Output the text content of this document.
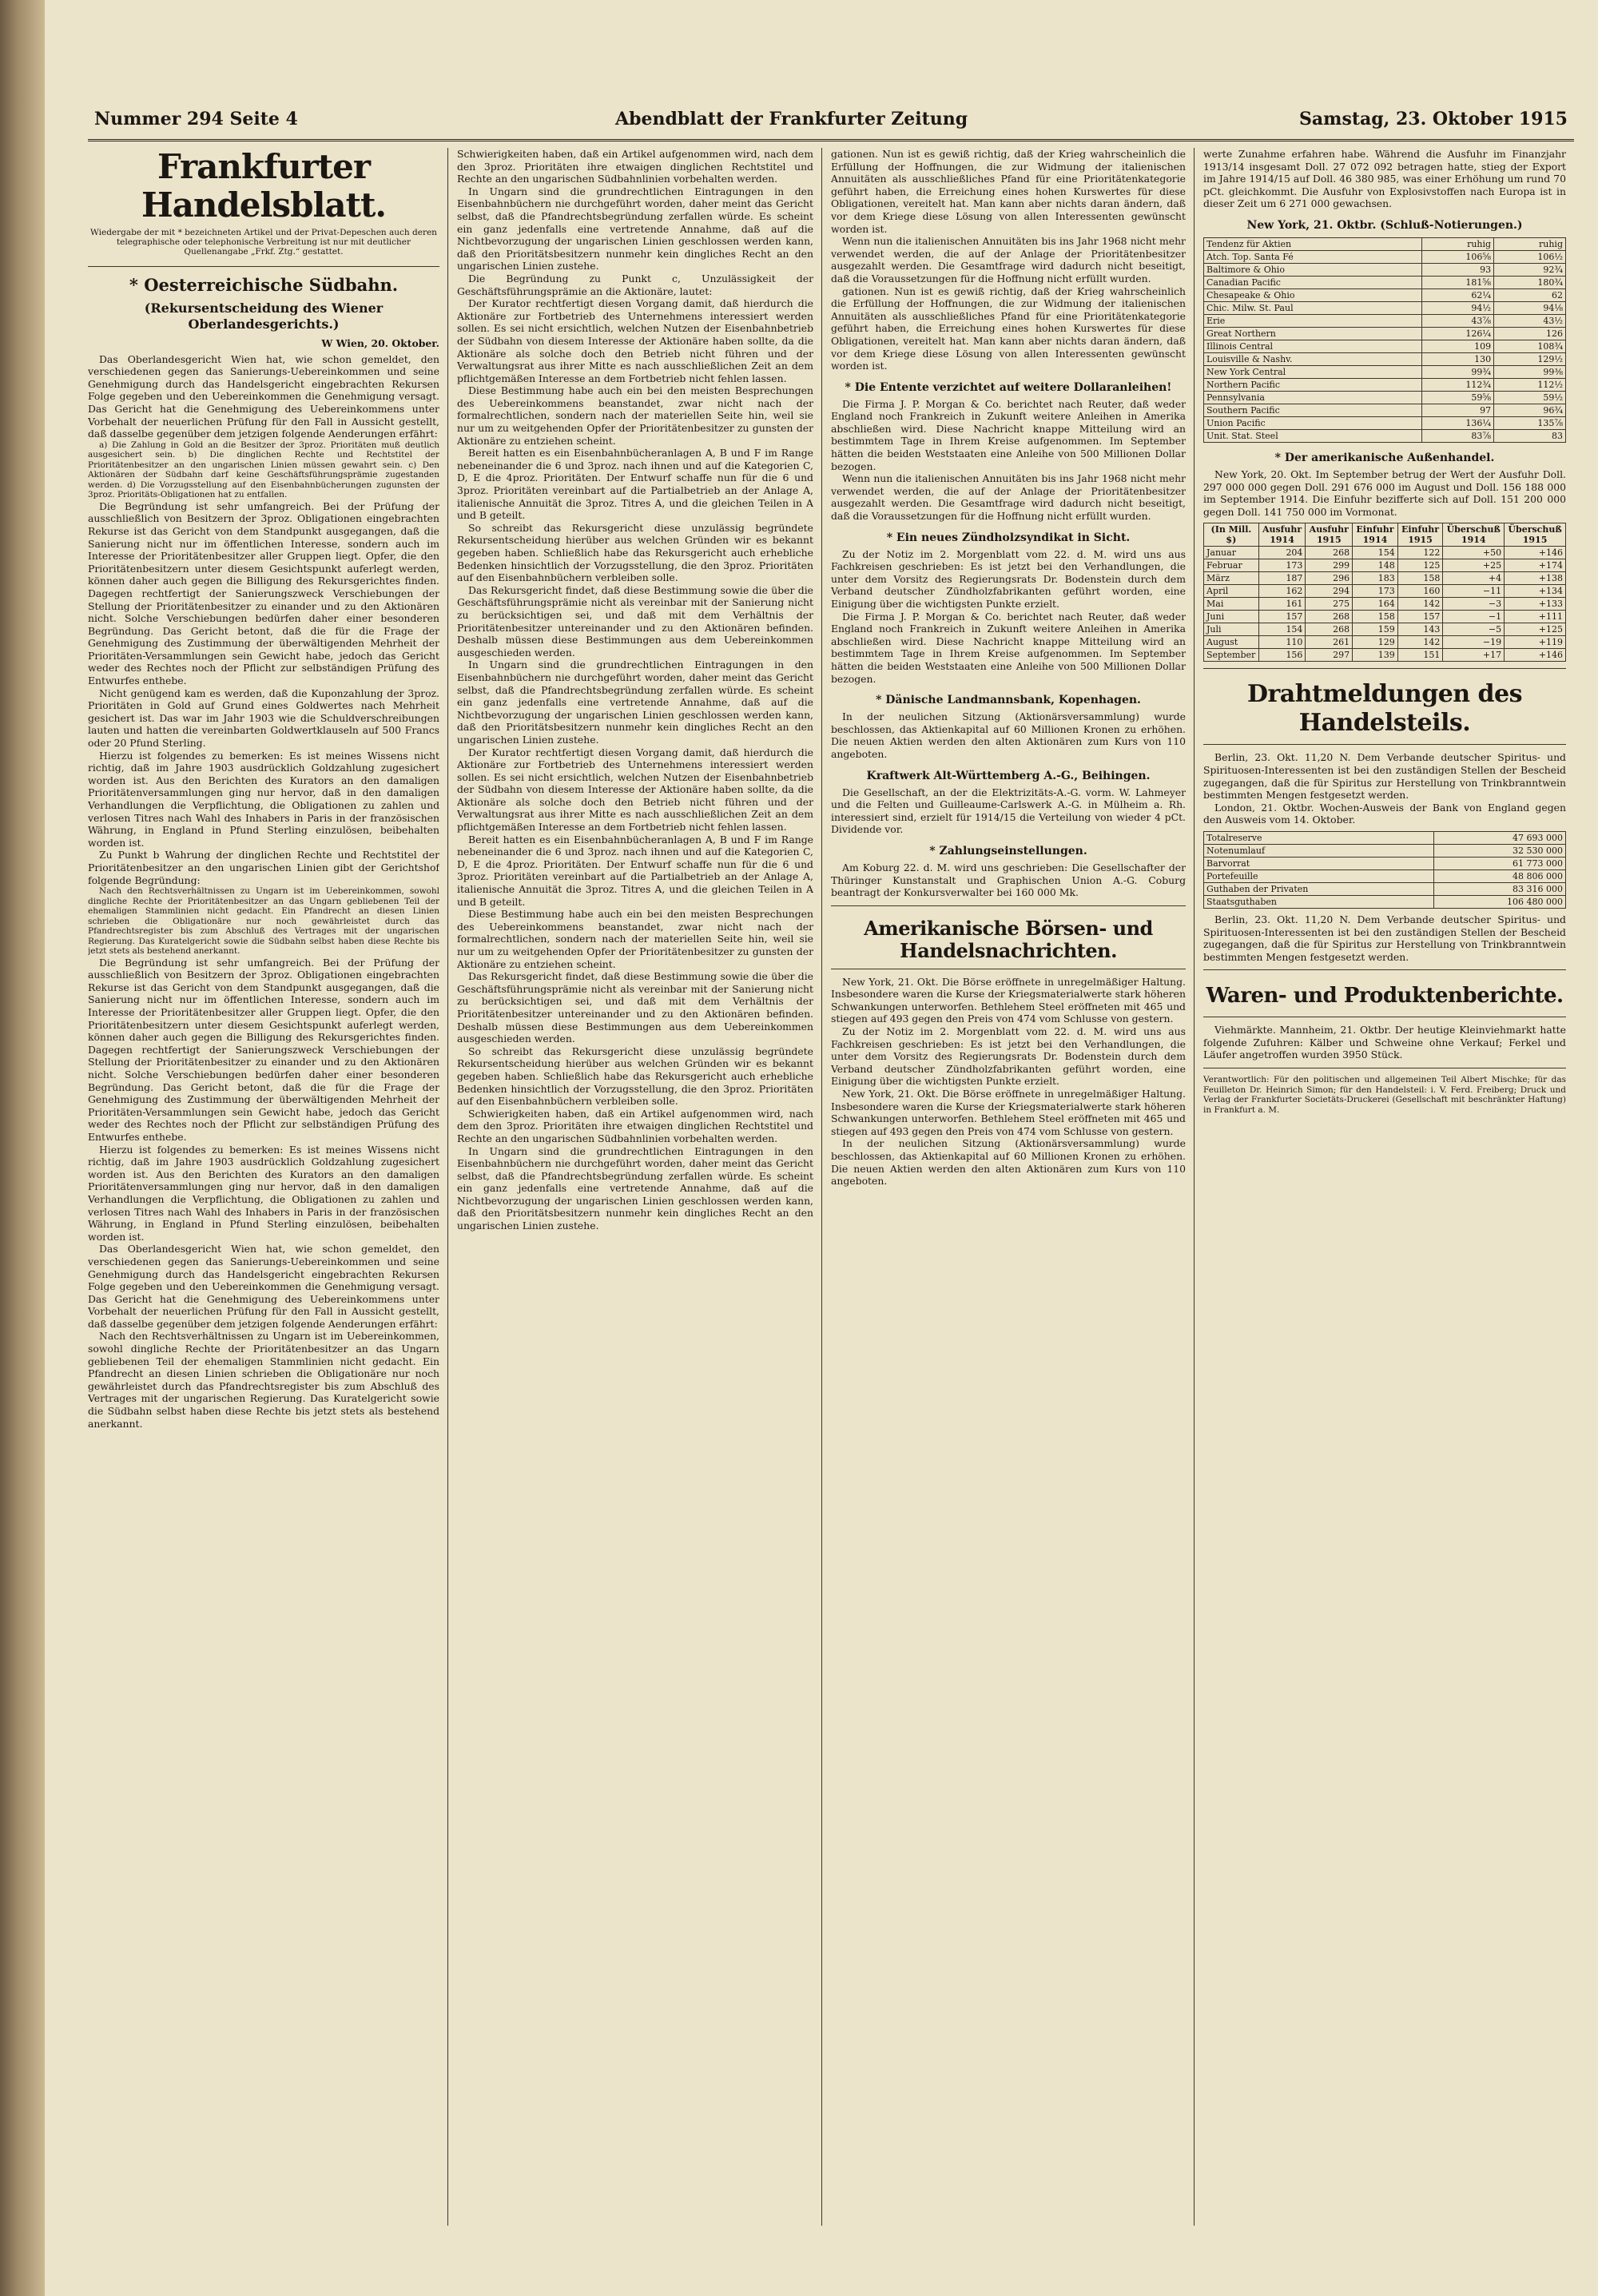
Nummer 294 Seite 4	Abendblatt der Frankfurter Zeitung	Samstag, 23. Oktober 1915
Frankfurter Handelsblatt.
Wiedergabe der mit * bezeichneten Artikel und der Privat-Depeschen auch deren telegraphische oder telephonische Verbreitung ist nur mit deutlicher Quellenangabe „Frkf. Ztg.“ gestattet.
* Oesterreichische Südbahn.
(Rekursentscheidung des Wiener Oberlandesgerichts.)
W Wien, 20. Oktober.

Das Oberlandesgericht Wien hat, wie schon gemeldet, den verschiedenen gegen das Sanierungs-Uebereinkommen und seine Genehmigung durch das Handelsgericht eingebrachten Rekursen Folge gegeben und den Uebereinkommen die Genehmigung versagt. Das Gericht hat die Genehmigung des Uebereinkommens unter Vorbehalt der neuerlichen Prüfung für den Fall in Aussicht gestellt, daß dasselbe gegenüber dem jetzigen folgende Aenderungen erfährt:

a) Die Zahlung in Gold an die Besitzer der 3proz. Prioritäten muß deutlich ausgesichert sein. b) Die dinglichen Rechte und Rechtstitel der Prioritätenbesitzer an den ungarischen Linien müssen gewahrt sein. c) Den Aktionären der Südbahn darf keine Geschäftsführungsprämie zugestanden werden. d) Die Vorzugsstellung auf den Eisenbahnbücherungen zugunsten der 3proz. Prioritäts-Obligationen hat zu entfallen.

Die Begründung ist sehr umfangreich. Bei der Prüfung der ausschließlich von Besitzern der 3proz. Obligationen eingebrachten Rekurse ist das Gericht von dem Standpunkt ausgegangen, daß die Sanierung nicht nur im öffentlichen Interesse, sondern auch im Interesse der Prioritätenbesitzer aller Gruppen liegt. Opfer, die den Prioritätenbesitzern unter diesem Gesichtspunkt auferlegt werden, können daher auch gegen die Billigung des Rekursgerichtes finden. Dagegen rechtfertigt der Sanierungszweck Verschiebungen der Stellung der Prioritätenbesitzer zu einander und zu den Aktionären nicht. Solche Verschiebungen bedürfen daher einer besonderen Begründung. Das Gericht betont, daß die für die Frage der Genehmigung des Zustimmung der überwältigenden Mehrheit der Prioritäten-Versammlungen sein Gewicht habe, jedoch das Gericht weder des Rechtes noch der Pflicht zur selbständigen Prüfung des Entwurfes enthebe.

Nicht genügend kam es werden, daß die Kuponzahlung der 3proz. Prioritäten in Gold auf Grund eines Goldwertes nach Mehrheit gesichert ist. Das war im Jahr 1903 wie die Schuldverschreibungen lauten und hatten die vereinbarten Goldwertklauseln auf 500 Francs oder 20 Pfund Sterling.

Hierzu ist folgendes zu bemerken: Es ist meines Wissens nicht richtig, daß im Jahre 1903 ausdrücklich Goldzahlung zugesichert worden ist. Aus den Berichten des Kurators an den damaligen Prioritätenversammlungen ging nur hervor, daß in den damaligen Verhandlungen die Verpflichtung, die Obligationen zu zahlen und verlosen Titres nach Wahl des Inhabers in Paris in der französischen Währung, in England in Pfund Sterling einzulösen, beibehalten worden ist.

Zu Punkt b Wahrung der dinglichen Rechte und Rechtstitel der Prioritätenbesitzer an den ungarischen Linien gibt der Gerichtshof folgende Begründung:

Nach den Rechtsverhältnissen zu Ungarn ist im Uebereinkommen, sowohl dingliche Rechte der Prioritätenbesitzer an das Ungarn gebliebenen Teil der ehemaligen Stammlinien nicht gedacht. Ein Pfandrecht an diesen Linien schrieben die Obligationäre nur noch gewährleistet durch das Pfandrechtsregister bis zum Abschluß des Vertrages mit der ungarischen Regierung. Das Kuratelgericht sowie die Südbahn selbst haben diese Rechte bis jetzt stets als bestehend anerkannt.

Die Begründung ist sehr umfangreich. Bei der Prüfung der ausschließlich von Besitzern der 3proz. Obligationen eingebrachten Rekurse ist das Gericht von dem Standpunkt ausgegangen, daß die Sanierung nicht nur im öffentlichen Interesse, sondern auch im Interesse der Prioritätenbesitzer aller Gruppen liegt. Opfer, die den Prioritätenbesitzern unter diesem Gesichtspunkt auferlegt werden, können daher auch gegen die Billigung des Rekursgerichtes finden. Dagegen rechtfertigt der Sanierungszweck Verschiebungen der Stellung der Prioritätenbesitzer zu einander und zu den Aktionären nicht. Solche Verschiebungen bedürfen daher einer besonderen Begründung. Das Gericht betont, daß die für die Frage der Genehmigung des Zustimmung der überwältigenden Mehrheit der Prioritäten-Versammlungen sein Gewicht habe, jedoch das Gericht weder des Rechtes noch der Pflicht zur selbständigen Prüfung des Entwurfes enthebe.

Hierzu ist folgendes zu bemerken: Es ist meines Wissens nicht richtig, daß im Jahre 1903 ausdrücklich Goldzahlung zugesichert worden ist. Aus den Berichten des Kurators an den damaligen Prioritätenversammlungen ging nur hervor, daß in den damaligen Verhandlungen die Verpflichtung, die Obligationen zu zahlen und verlosen Titres nach Wahl des Inhabers in Paris in der französischen Währung, in England in Pfund Sterling einzulösen, beibehalten worden ist.

Das Oberlandesgericht Wien hat, wie schon gemeldet, den verschiedenen gegen das Sanierungs-Uebereinkommen und seine Genehmigung durch das Handelsgericht eingebrachten Rekursen Folge gegeben und den Uebereinkommen die Genehmigung versagt. Das Gericht hat die Genehmigung des Uebereinkommens unter Vorbehalt der neuerlichen Prüfung für den Fall in Aussicht gestellt, daß dasselbe gegenüber dem jetzigen folgende Aenderungen erfährt:

Nach den Rechtsverhältnissen zu Ungarn ist im Uebereinkommen, sowohl dingliche Rechte der Prioritätenbesitzer an das Ungarn gebliebenen Teil der ehemaligen Stammlinien nicht gedacht. Ein Pfandrecht an diesen Linien schrieben die Obligationäre nur noch gewährleistet durch das Pfandrechtsregister bis zum Abschluß des Vertrages mit der ungarischen Regierung. Das Kuratelgericht sowie die Südbahn selbst haben diese Rechte bis jetzt stets als bestehend anerkannt.

Schwierigkeiten haben, daß ein Artikel aufgenommen wird, nach dem den 3proz. Prioritäten ihre etwaigen dinglichen Rechtstitel und Rechte an den ungarischen Südbahnlinien vorbehalten werden.

In Ungarn sind die grundrechtlichen Eintragungen in den Eisenbahnbüchern nie durchgeführt worden, daher meint das Gericht selbst, daß die Pfandrechtsbegründung zerfallen würde. Es scheint ein ganz jedenfalls eine vertretende Annahme, daß auf die Nichtbevorzugung der ungarischen Linien geschlossen werden kann, daß den Prioritätsbesitzern nunmehr kein dingliches Recht an den ungarischen Linien zustehe.

Die Begründung zu Punkt c, Unzulässigkeit der Geschäftsführungsprämie an die Aktionäre, lautet:

Der Kurator rechtfertigt diesen Vorgang damit, daß hierdurch die Aktionäre zur Fortbetrieb des Unternehmens interessiert werden sollen. Es sei nicht ersichtlich, welchen Nutzen der Eisenbahnbetrieb der Südbahn von diesem Interesse der Aktionäre haben sollte, da die Aktionäre als solche doch den Betrieb nicht führen und der Verwaltungsrat aus ihrer Mitte es nach ausschließlichen Zeit an dem pflichtgemäßen Interesse an dem Fortbetrieb nicht fehlen lassen.

Diese Bestimmung habe auch ein bei den meisten Besprechungen des Uebereinkommens beanstandet, zwar nicht nach der formalrechtlichen, sondern nach der materiellen Seite hin, weil sie nur um zu weitgehenden Opfer der Prioritätenbesitzer zu gunsten der Aktionäre zu entziehen scheint.

Bereit hatten es ein Eisenbahnbücheranlagen A, B und F im Range nebeneinander die 6 und 3proz. nach ihnen und auf die Kategorien C, D, E die 4proz. Prioritäten. Der Entwurf schaffe nun für die 6 und 3proz. Prioritäten vereinbart auf die Partialbetrieb an der Anlage A, italienische Annuität die 3proz. Titres A, und die gleichen Teilen in A und B geteilt.

So schreibt das Rekursgericht diese unzulässig begründete Rekursentscheidung hierüber aus welchen Gründen wir es bekannt gegeben haben. Schließlich habe das Rekursgericht auch erhebliche Bedenken hinsichtlich der Vorzugsstellung, die den 3proz. Prioritäten auf den Eisenbahnbüchern verbleiben solle.

Das Rekursgericht findet, daß diese Bestimmung sowie die über die Geschäftsführungsprämie nicht als vereinbar mit der Sanierung nicht zu berücksichtigen sei, und daß mit dem Verhältnis der Prioritätenbesitzer untereinander und zu den Aktionären befinden. Deshalb müssen diese Bestimmungen aus dem Uebereinkommen ausgeschieden werden.

In Ungarn sind die grundrechtlichen Eintragungen in den Eisenbahnbüchern nie durchgeführt worden, daher meint das Gericht selbst, daß die Pfandrechtsbegründung zerfallen würde. Es scheint ein ganz jedenfalls eine vertretende Annahme, daß auf die Nichtbevorzugung der ungarischen Linien geschlossen werden kann, daß den Prioritätsbesitzern nunmehr kein dingliches Recht an den ungarischen Linien zustehe.

Der Kurator rechtfertigt diesen Vorgang damit, daß hierdurch die Aktionäre zur Fortbetrieb des Unternehmens interessiert werden sollen. Es sei nicht ersichtlich, welchen Nutzen der Eisenbahnbetrieb der Südbahn von diesem Interesse der Aktionäre haben sollte, da die Aktionäre als solche doch den Betrieb nicht führen und der Verwaltungsrat aus ihrer Mitte es nach ausschließlichen Zeit an dem pflichtgemäßen Interesse an dem Fortbetrieb nicht fehlen lassen.

Bereit hatten es ein Eisenbahnbücheranlagen A, B und F im Range nebeneinander die 6 und 3proz. nach ihnen und auf die Kategorien C, D, E die 4proz. Prioritäten. Der Entwurf schaffe nun für die 6 und 3proz. Prioritäten vereinbart auf die Partialbetrieb an der Anlage A, italienische Annuität die 3proz. Titres A, und die gleichen Teilen in A und B geteilt.

Diese Bestimmung habe auch ein bei den meisten Besprechungen des Uebereinkommens beanstandet, zwar nicht nach der formalrechtlichen, sondern nach der materiellen Seite hin, weil sie nur um zu weitgehenden Opfer der Prioritätenbesitzer zu gunsten der Aktionäre zu entziehen scheint.

Das Rekursgericht findet, daß diese Bestimmung sowie die über die Geschäftsführungsprämie nicht als vereinbar mit der Sanierung nicht zu berücksichtigen sei, und daß mit dem Verhältnis der Prioritätenbesitzer untereinander und zu den Aktionären befinden. Deshalb müssen diese Bestimmungen aus dem Uebereinkommen ausgeschieden werden.

So schreibt das Rekursgericht diese unzulässig begründete Rekursentscheidung hierüber aus welchen Gründen wir es bekannt gegeben haben. Schließlich habe das Rekursgericht auch erhebliche Bedenken hinsichtlich der Vorzugsstellung, die den 3proz. Prioritäten auf den Eisenbahnbüchern verbleiben solle.

Schwierigkeiten haben, daß ein Artikel aufgenommen wird, nach dem den 3proz. Prioritäten ihre etwaigen dinglichen Rechtstitel und Rechte an den ungarischen Südbahnlinien vorbehalten werden.

In Ungarn sind die grundrechtlichen Eintragungen in den Eisenbahnbüchern nie durchgeführt worden, daher meint das Gericht selbst, daß die Pfandrechtsbegründung zerfallen würde. Es scheint ein ganz jedenfalls eine vertretende Annahme, daß auf die Nichtbevorzugung der ungarischen Linien geschlossen werden kann, daß den Prioritätsbesitzern nunmehr kein dingliches Recht an den ungarischen Linien zustehe.

gationen. Nun ist es gewiß richtig, daß der Krieg wahrscheinlich die Erfüllung der Hoffnungen, die zur Widmung der italienischen Annuitäten als ausschließliches Pfand für eine Prioritätenkategorie geführt haben, die Erreichung eines hohen Kurswertes für diese Obligationen, vereitelt hat. Man kann aber nichts daran ändern, daß vor dem Kriege diese Lösung von allen Interessenten gewünscht worden ist.

Wenn nun die italienischen Annuitäten bis ins Jahr 1968 nicht mehr verwendet werden, die auf der Anlage der Prioritätenbesitzer ausgezahlt werden. Die Gesamtfrage wird dadurch nicht beseitigt, daß die Voraussetzungen für die Hoffnung nicht erfüllt wurden.

gationen. Nun ist es gewiß richtig, daß der Krieg wahrscheinlich die Erfüllung der Hoffnungen, die zur Widmung der italienischen Annuitäten als ausschließliches Pfand für eine Prioritätenkategorie geführt haben, die Erreichung eines hohen Kurswertes für diese Obligationen, vereitelt hat. Man kann aber nichts daran ändern, daß vor dem Kriege diese Lösung von allen Interessenten gewünscht worden ist.

* Die Entente verzichtet auf weitere Dollaranleihen!

Die Firma J. P. Morgan & Co. berichtet nach Reuter, daß weder England noch Frankreich in Zukunft weitere Anleihen in Amerika abschließen wird. Diese Nachricht knappe Mitteilung wird an bestimmtem Tage in Ihrem Kreise aufgenommen. Im September hätten die beiden Weststaaten eine Anleihe von 500 Millionen Dollar bezogen.

Wenn nun die italienischen Annuitäten bis ins Jahr 1968 nicht mehr verwendet werden, die auf der Anlage der Prioritätenbesitzer ausgezahlt werden. Die Gesamtfrage wird dadurch nicht beseitigt, daß die Voraussetzungen für die Hoffnung nicht erfüllt wurden.

* Ein neues Zündholzsyndikat in Sicht.

Zu der Notiz im 2. Morgenblatt vom 22. d. M. wird uns aus Fachkreisen geschrieben: Es ist jetzt bei den Verhandlungen, die unter dem Vorsitz des Regierungsrats Dr. Bodenstein durch dem Verband deutscher Zündholzfabrikanten geführt worden, eine Einigung über die wichtigsten Punkte erzielt.

Die Firma J. P. Morgan & Co. berichtet nach Reuter, daß weder England noch Frankreich in Zukunft weitere Anleihen in Amerika abschließen wird. Diese Nachricht knappe Mitteilung wird an bestimmtem Tage in Ihrem Kreise aufgenommen. Im September hätten die beiden Weststaaten eine Anleihe von 500 Millionen Dollar bezogen.

* Dänische Landmannsbank, Kopenhagen.

In der neulichen Sitzung (Aktionärsversammlung) wurde beschlossen, das Aktienkapital auf 60 Millionen Kronen zu erhöhen. Die neuen Aktien werden den alten Aktionären zum Kurs von 110 angeboten.

Kraftwerk Alt-Württemberg A.-G., Beihingen.

Die Gesellschaft, an der die Elektrizitäts-A.-G. vorm. W. Lahmeyer und die Felten und Guilleaume-Carlswerk A.-G. in Mülheim a. Rh. interessiert sind, erzielt für 1914/15 die Verteilung von wieder 4 pCt. Dividende vor.

* Zahlungseinstellungen.

Am Koburg 22. d. M. wird uns geschrieben: Die Gesellschafter der Thüringer Kunstanstalt und Graphischen Union A.-G. Coburg beantragt der Konkursverwalter bei 160 000 Mk.

Amerikanische Börsen- und Handelsnachrichten.

New York, 21. Okt. Die Börse eröffnete in unregelmäßiger Haltung. Insbesondere waren die Kurse der Kriegsmaterialwerte stark höheren Schwankungen unterworfen. Bethlehem Steel eröffneten mit 465 und stiegen auf 493 gegen den Preis von 474 vom Schlusse von gestern.

Zu der Notiz im 2. Morgenblatt vom 22. d. M. wird uns aus Fachkreisen geschrieben: Es ist jetzt bei den Verhandlungen, die unter dem Vorsitz des Regierungsrats Dr. Bodenstein durch dem Verband deutscher Zündholzfabrikanten geführt worden, eine Einigung über die wichtigsten Punkte erzielt.

New York, 21. Okt. Die Börse eröffnete in unregelmäßiger Haltung. Insbesondere waren die Kurse der Kriegsmaterialwerte stark höheren Schwankungen unterworfen. Bethlehem Steel eröffneten mit 465 und stiegen auf 493 gegen den Preis von 474 vom Schlusse von gestern.

In der neulichen Sitzung (Aktionärsversammlung) wurde beschlossen, das Aktienkapital auf 60 Millionen Kronen zu erhöhen. Die neuen Aktien werden den alten Aktionären zum Kurs von 110 angeboten.

werte Zunahme erfahren habe. Während die Ausfuhr im Finanzjahr 1913/14 insgesamt Doll. 27 072 092 betragen hatte, stieg der Export im Jahre 1914/15 auf Doll. 46 380 985, was einer Erhöhung um rund 70 pCt. gleichkommt. Die Ausfuhr von Explosivstoffen nach Europa ist in dieser Zeit um 6 271 000 gewachsen.

New York, 21. Oktbr. (Schluß-Notierungen.)
Tendenz für Aktien	ruhig	ruhig
Atch. Top. Santa Fé	106⅝	106½
Baltimore & Ohio	93	92¾
Canadian Pacific	181⅝	180¾
Chesapeake & Ohio	62¼	62
Chic. Milw. St. Paul	94½	94⅛
Erie	43⅞	43½
Great Northern	126¼	126
Illinois Central	109	108¾
Louisville & Nashv.	130	129½
New York Central	99¾	99⅜
Northern Pacific	112¾	112½
Pennsylvania	59⅝	59½
Southern Pacific	97	96¾
Union Pacific	136¼	135⅞
Unit. Stat. Steel	83⅞	83
* Der amerikanische Außenhandel.

New York, 20. Okt. Im September betrug der Wert der Ausfuhr Doll. 297 000 000 gegen Doll. 291 676 000 im August und Doll. 156 188 000 im September 1914. Die Einfuhr bezifferte sich auf Doll. 151 200 000 gegen Doll. 141 750 000 im Vormonat.

(In Mill. $)	Ausfuhr 1914	Ausfuhr 1915	Einfuhr 1914	Einfuhr 1915	Überschuß 1914	Überschuß 1915
Januar	204	268	154	122	+50	+146
Februar	173	299	148	125	+25	+174
März	187	296	183	158	+4	+138
April	162	294	173	160	−11	+134
Mai	161	275	164	142	−3	+133
Juni	157	268	158	157	−1	+111
Juli	154	268	159	143	−5	+125
August	110	261	129	142	−19	+119
September	156	297	139	151	+17	+146
Drahtmeldungen des Handelsteils.

Berlin, 23. Okt. 11,20 N. Dem Verbande deutscher Spiritus- und Spirituosen-Interessenten ist bei den zuständigen Stellen der Bescheid zugegangen, daß die für Spiritus zur Herstellung von Trinkbranntwein bestimmten Mengen festgesetzt werden.

London, 21. Oktbr. Wochen-Ausweis der Bank von England gegen den Ausweis vom 14. Oktober.

Totalreserve	47 693 000
Notenumlauf	32 530 000
Barvorrat	61 773 000
Portefeuille	48 806 000
Guthaben der Privaten	83 316 000
Staatsguthaben	106 480 000

Berlin, 23. Okt. 11,20 N. Dem Verbande deutscher Spiritus- und Spirituosen-Interessenten ist bei den zuständigen Stellen der Bescheid zugegangen, daß die für Spiritus zur Herstellung von Trinkbranntwein bestimmten Mengen festgesetzt werden.

Waren- und Produktenberichte.

Viehmärkte. Mannheim, 21. Oktbr. Der heutige Kleinviehmarkt hatte folgende Zufuhren: Kälber und Schweine ohne Verkauf; Ferkel und Läufer angetroffen wurden 3950 Stück.

Verantwortlich: Für den politischen und allgemeinen Teil Albert Mischke; für das Feuilleton Dr. Heinrich Simon; für den Handelsteil: i. V. Ferd. Freiberg; Druck und Verlag der Frankfurter Societäts-Druckerei (Gesellschaft mit beschränkter Haftung) in Frankfurt a. M.
